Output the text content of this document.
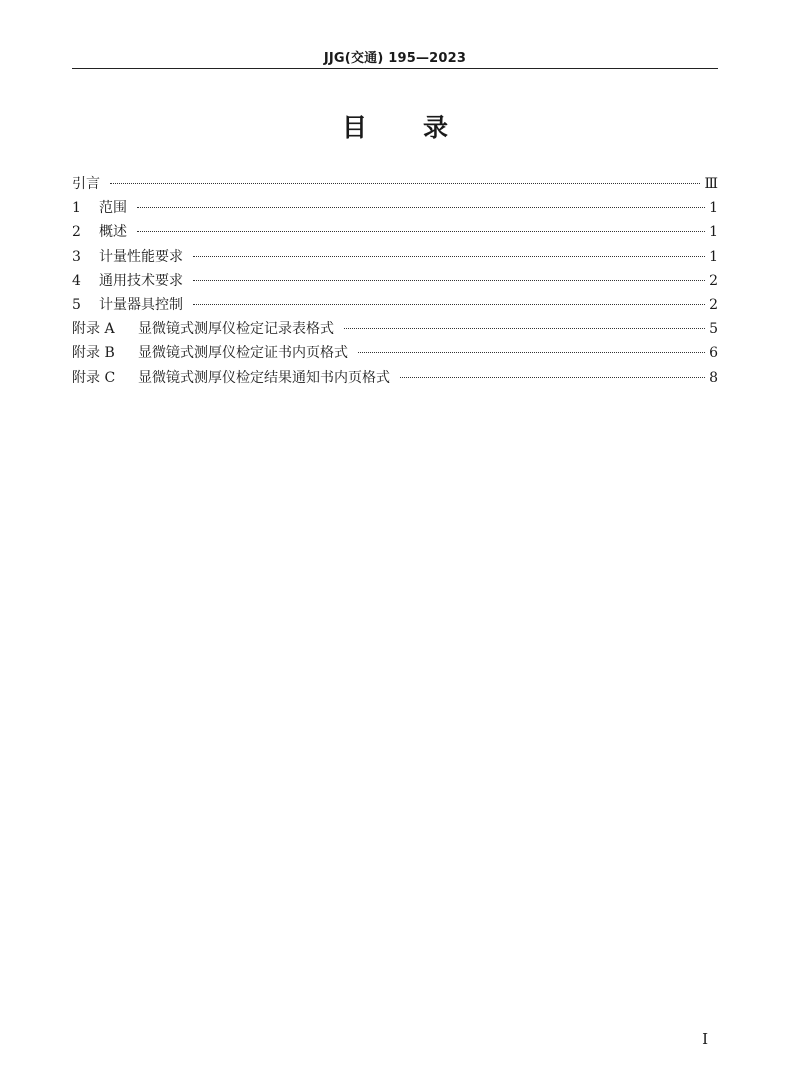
JJG(交通) 195—2023
目录
引言	Ⅲ
1 范围	1
2 概述	1
3 计量性能要求	1
4 通用技术要求	2
5 计量器具控制	2
附录 A 显微镜式测厚仪检定记录表格式	5
附录 B 显微镜式测厚仪检定证书内页格式	6
附录 C 显微镜式测厚仪检定结果通知书内页格式	8
I
